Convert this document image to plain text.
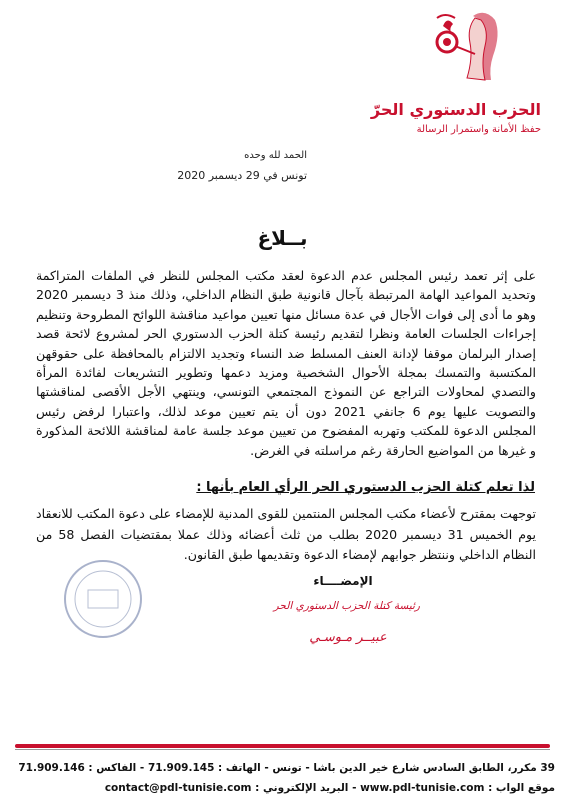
الحزب الدستوري الحرّ
حفظ الأمانة واستمرار الرسالة
الحمد لله وحده
تونس في 29 ديسمبر 2020
بــلاغ

على إثر تعمد رئيس المجلس عدم الدعوة لعقد مكتب المجلس للنظر في الملفات المتراكمة وتحديد المواعيد الهامة المرتبطة بآجال قانونية طبق النظام الداخلي، وذلك منذ 3 ديسمبر 2020 وهو ما أدى إلى فوات الأجال في عدة مسائل منها تعيين مواعيد مناقشة اللوائح المطروحة وتنظيم إجراءات الجلسات العامة ونظرا لتقديم رئيسة كتلة الحزب الدستوري الحر لمشروع لائحة قصد إصدار البرلمان موقفا لإدانة العنف المسلط ضد النساء وتجديد الالتزام بالمحافظة على حقوقهن المكتسبة والتمسك بمجلة الأحوال الشخصية ومزيد دعمها وتطوير التشريعات لفائدة المرأة والتصدي لمحاولات التراجع عن النموذج المجتمعي التونسي، وينتهي الأجل الأقصى لمناقشتها والتصويت عليها يوم 6 جانفي 2021 دون أن يتم تعيين موعد لذلك، واعتبارا لرفض رئيس المجلس الدعوة للمكتب وتهربه المفضوح من تعيين موعد جلسة عامة لمناقشة اللائحة المذكورة و غيرها من المواضيع الحارقة رغم مراسلته في الغرض.

لذا تعلم كتلة الحزب الدستوري الحر الرأي العام بأنها :

توجهت بمقترح لأعضاء مكتب المجلس المنتمين للقوى المدنية للإمضاء على دعوة المكتب للانعقاد يوم الخميس 31 ديسمبر 2020 بطلب من ثلث أعضائه وذلك عملا بمقتضيات الفصل 58 من النظام الداخلي وننتظر جوابهم لإمضاء الدعوة وتقديمها طبق القانون.

الإمضــــاء
رئيسة كتلة الحزب الدستوري الحر
عبيــر مـوسـي
39 مكرر، الطابق السادس شارع خير الدين باشا - تونس - الهاتف : 71.909.145 - الفاكس : 71.909.146
موقع الواب : www.pdl-tunisie.com - البريد الإلكتروني : contact@pdl-tunisie.com
